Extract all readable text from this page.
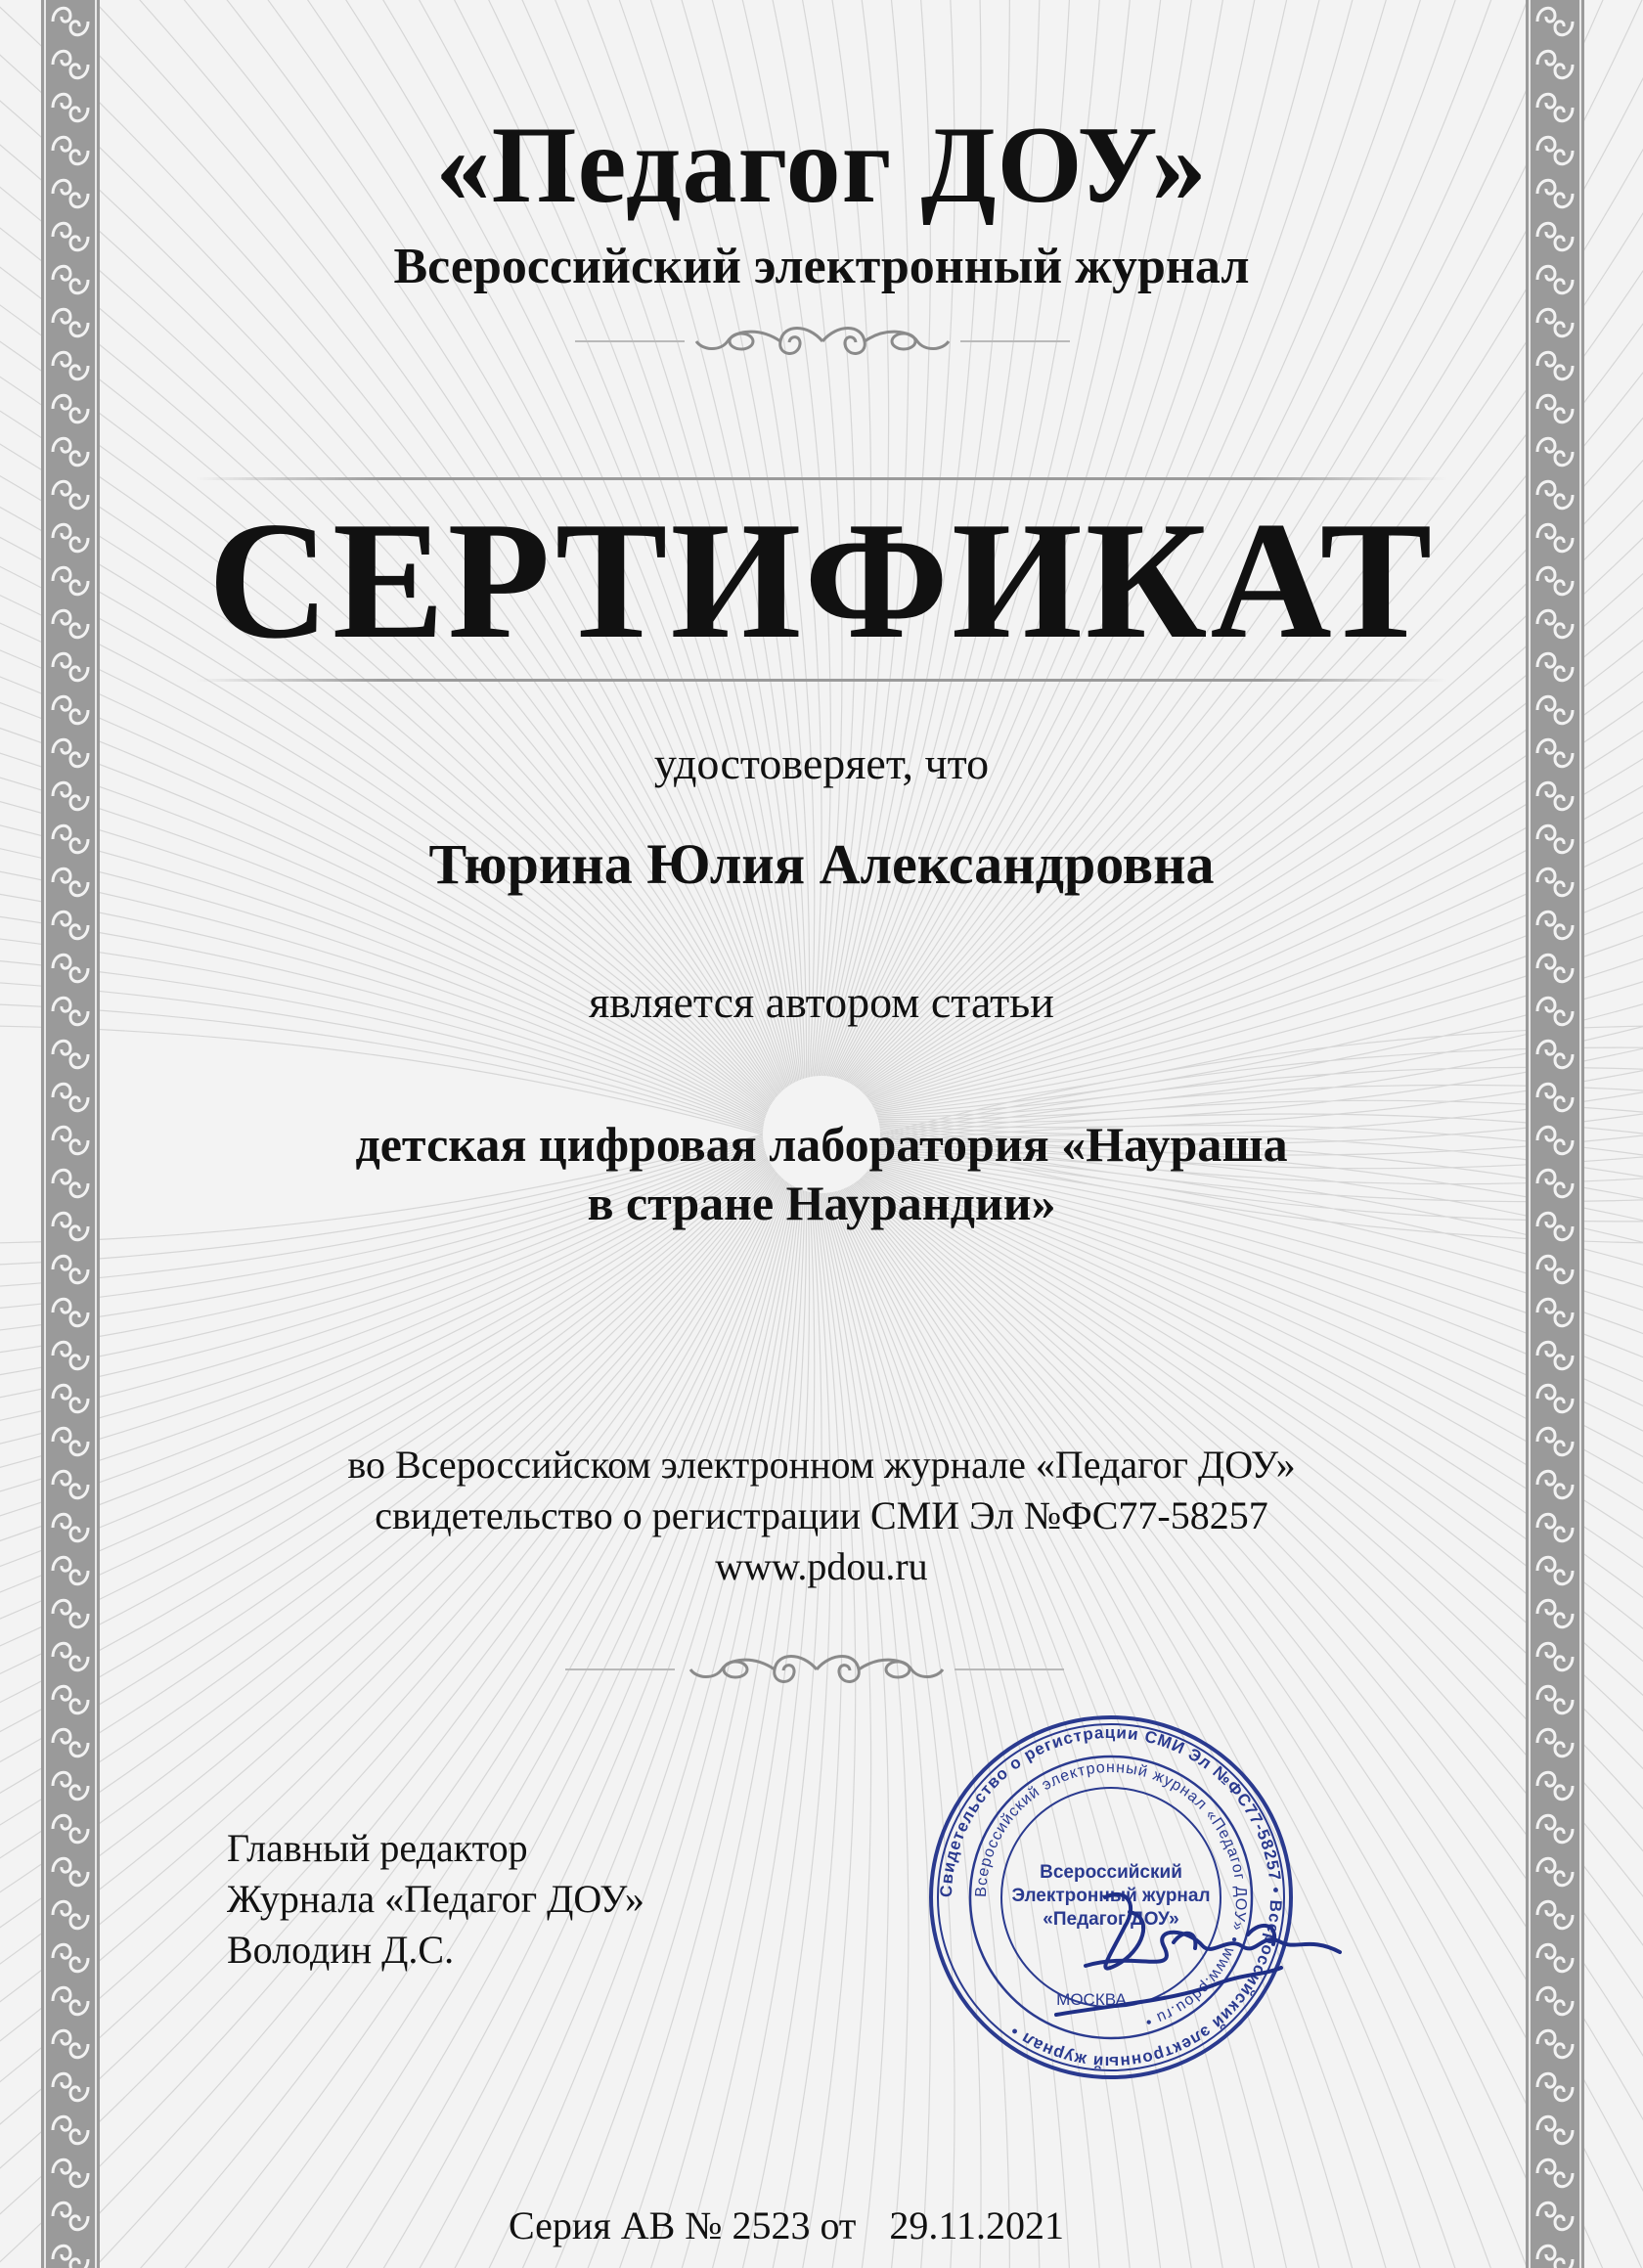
«Педагог ДОУ»
Всероссийский электронный журнал
СЕРТИФИКАТ
удостоверяет, что
Тюрина Юлия Александровна
является автором статьи
детская цифровая лаборатория «Наураша
в стране Наурандии»
во Всероссийском электронном журнале «Педагог ДОУ»
свидетельство о регистрации СМИ Эл №ФС77-58257
www.pdou.ru
Главный редактор
Журнала «Педагог ДОУ»
Володин Д.С.
Свидетельство о регистрации СМИ Эл №ФС77-58257 • Всероссийский электронный журнал •
Всероссийский электронный журнал «Педагог ДОУ» • www.pdou.ru •
Всероссийский
Электронный журнал
«Педагог ДОУ»
МОСКВА
Серия АВ № 2523 от 29.11.2021
